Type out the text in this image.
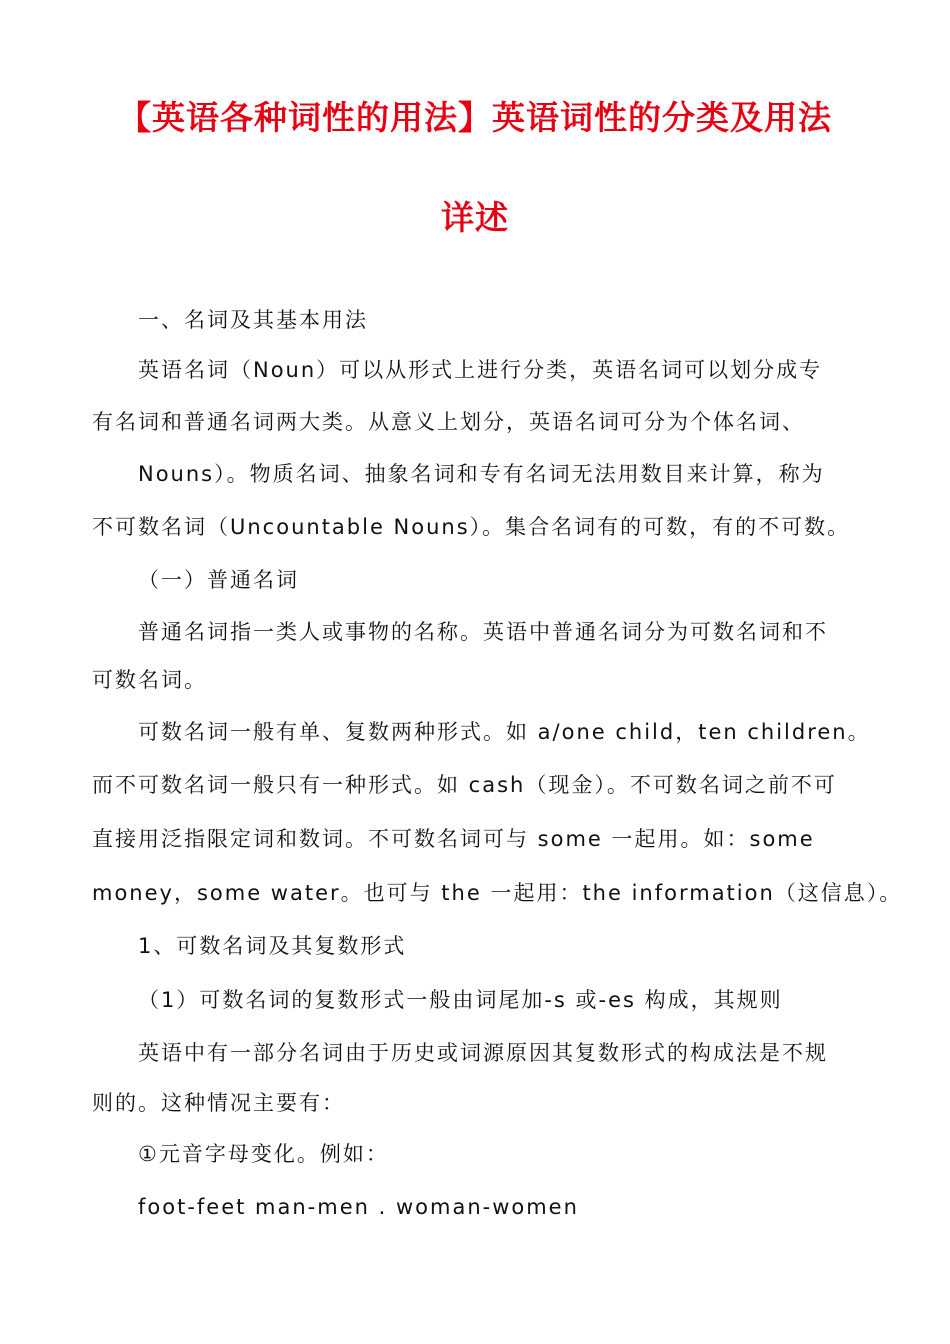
【英语各种词性的用法】英语词性的分类及用法
详述
一、名词及其基本用法
英语名词（Noun）可以从形式上进行分类，英语名词可以划分成专
有名词和普通名词两大类。从意义上划分，英语名词可分为个体名词、
Nouns）。物质名词、抽象名词和专有名词无法用数目来计算，称为
不可数名词（Uncountable Nouns）。集合名词有的可数，有的不可数。
（一）普通名词
普通名词指一类人或事物的名称。英语中普通名词分为可数名词和不
可数名词。
可数名词一般有单、复数两种形式。如 a/one child，ten children。
而不可数名词一般只有一种形式。如 cash（现金）。不可数名词之前不可
直接用泛指限定词和数词。不可数名词可与 some 一起用。如：some
money，some water。也可与 the 一起用：the information（这信息）。
1、可数名词及其复数形式
（1）可数名词的复数形式一般由词尾加-s 或-es 构成，其规则
英语中有一部分名词由于历史或词源原因其复数形式的构成法是不规
则的。这种情况主要有：
①元音字母变化。例如：
foot-feet man-men . woman-women
